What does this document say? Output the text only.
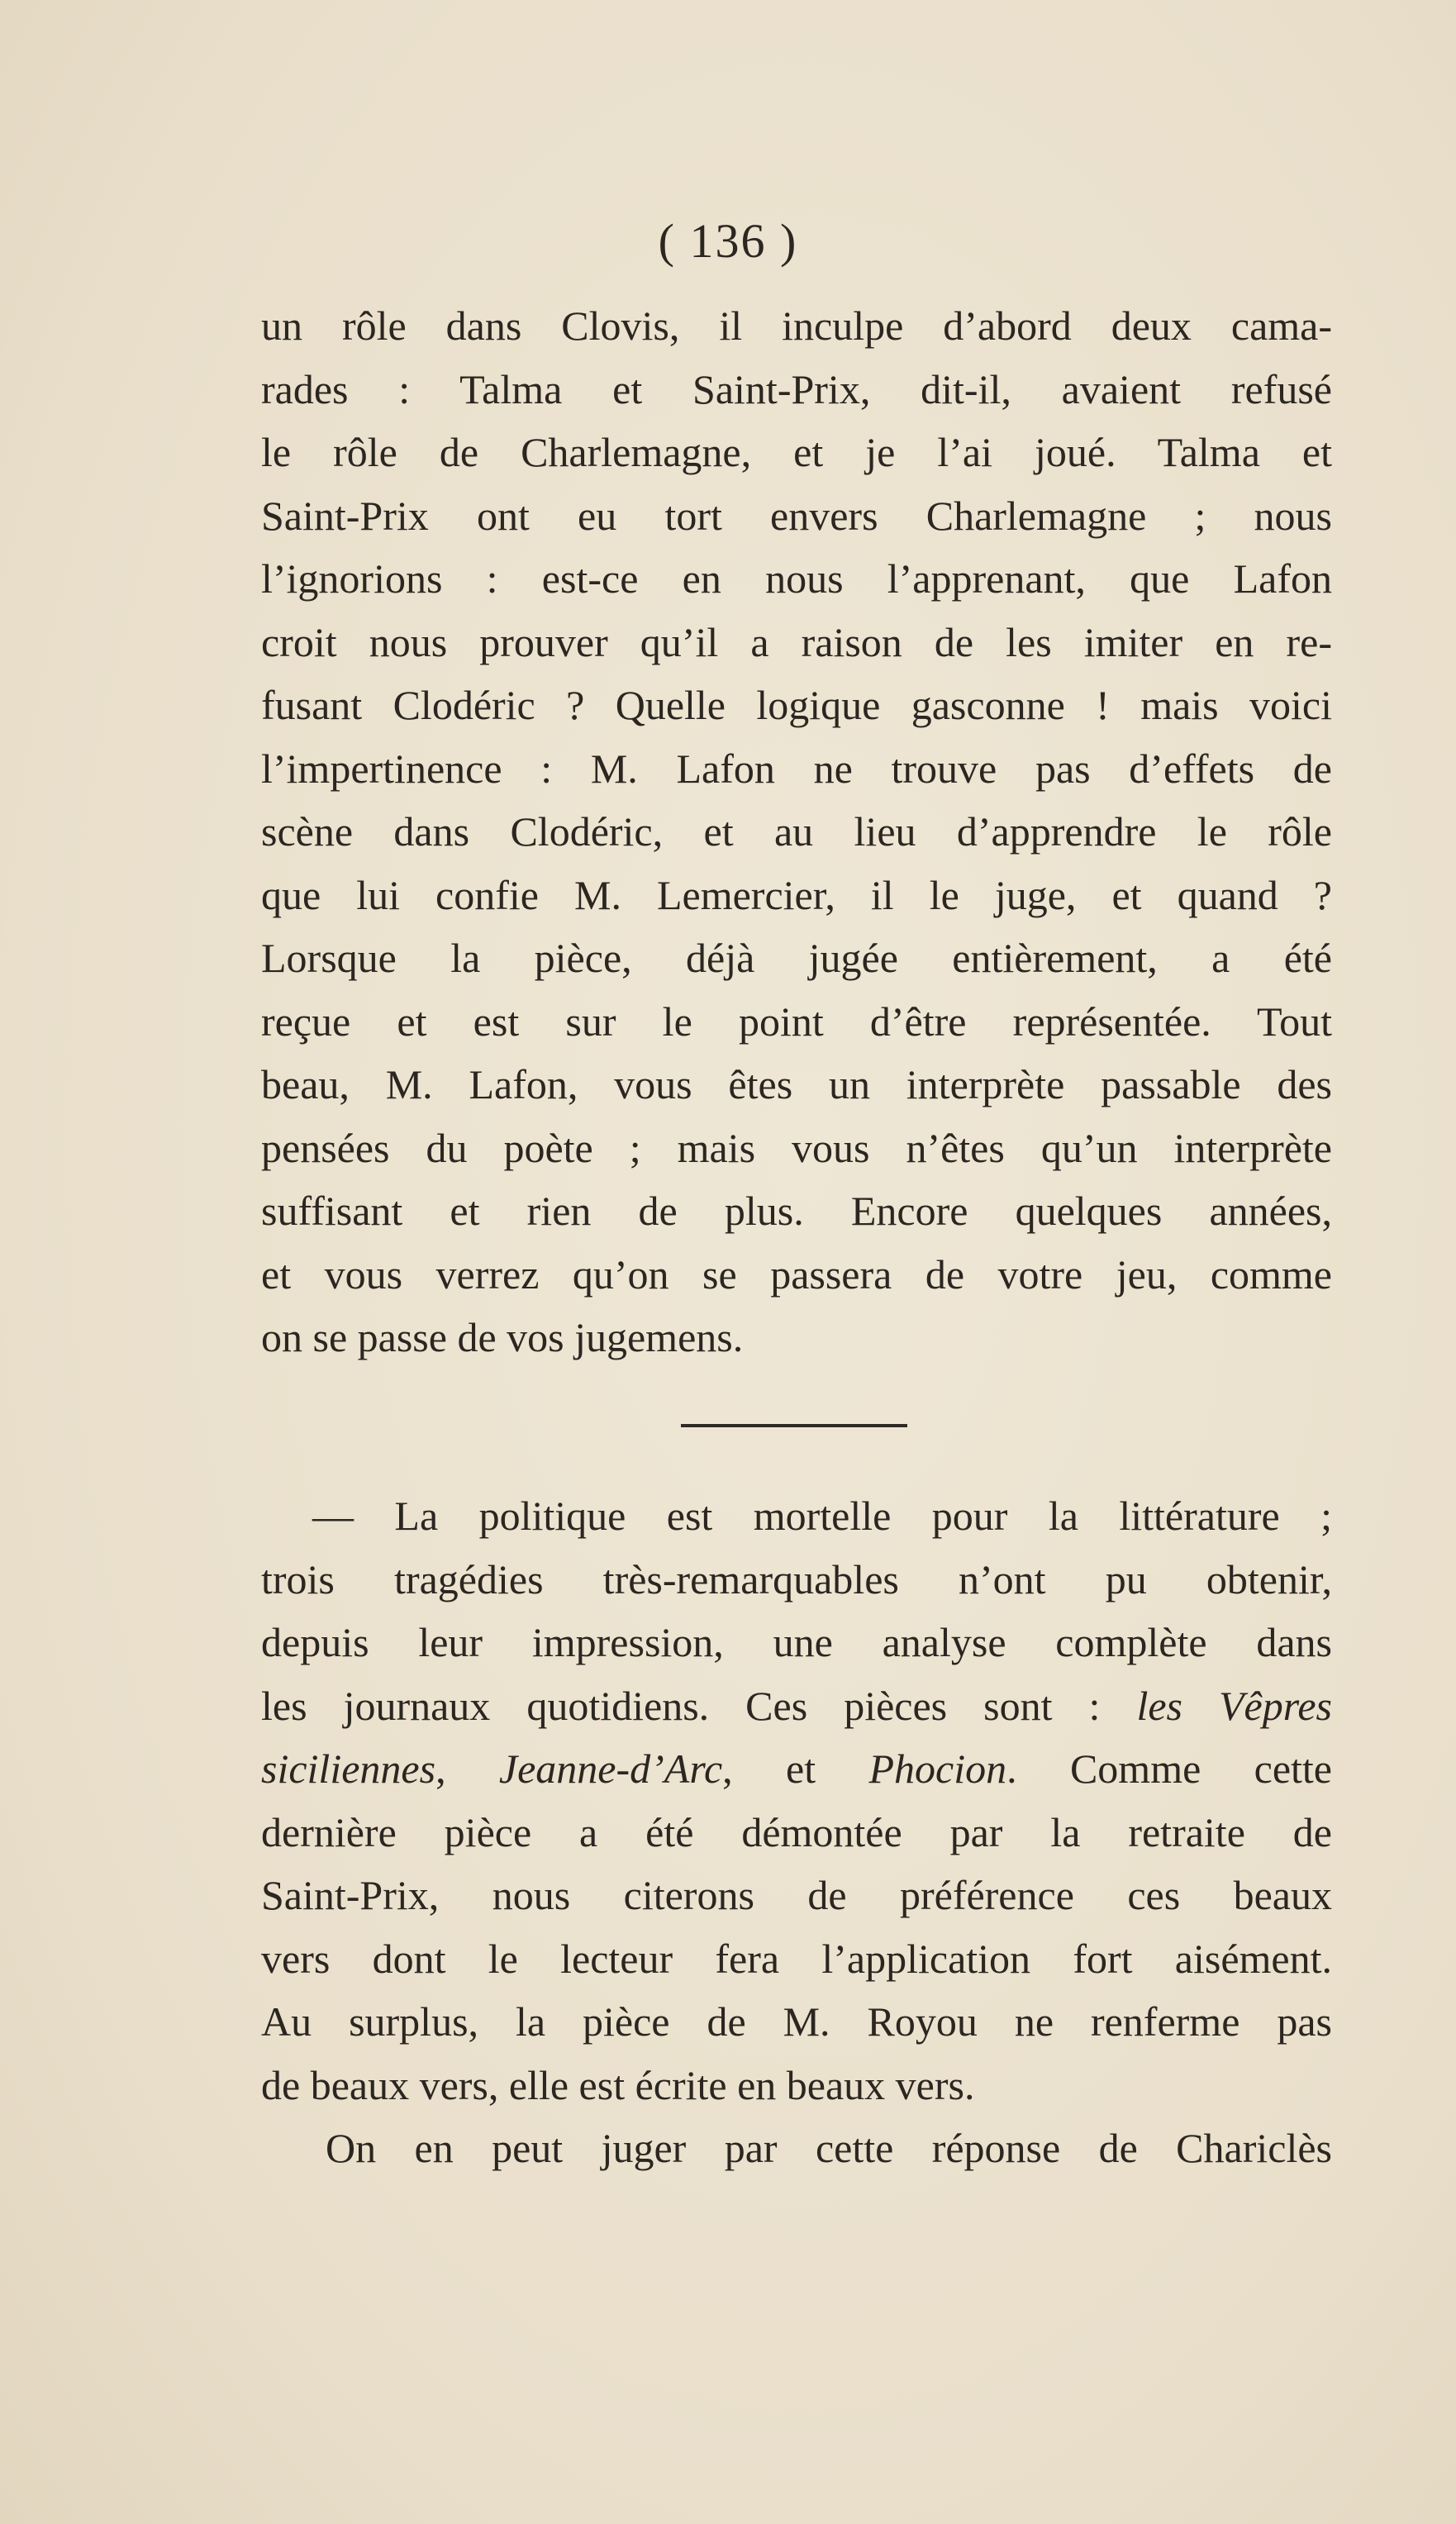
( 136 )
un rôle dans Clovis, il inculpe d’abord deux cama-
rades : Talma et Saint-Prix, dit-il, avaient refusé
le rôle de Charlemagne, et je l’ai joué. Talma et
Saint-Prix ont eu tort envers Charlemagne ; nous
l’ignorions : est-ce en nous l’apprenant, que Lafon
croit nous prouver qu’il a raison de les imiter en re-
fusant Clodéric ? Quelle logique gasconne ! mais voici
l’impertinence : M. Lafon ne trouve pas d’effets de
scène dans Clodéric, et au lieu d’apprendre le rôle
que lui confie M. Lemercier, il le juge, et quand ?
Lorsque la pièce, déjà jugée entièrement, a été
reçue et est sur le point d’être représentée. Tout
beau, M. Lafon, vous êtes un interprète passable des
pensées du poète ; mais vous n’êtes qu’un interprète
suffisant et rien de plus. Encore quelques années,
et vous verrez qu’on se passera de votre jeu, comme
on se passe de vos jugemens.
— La politique est mortelle pour la littérature ;
trois tragédies très-remarquables n’ont pu obtenir,
depuis leur impression, une analyse complète dans
les journaux quotidiens. Ces pièces sont : les Vêpres
siciliennes, Jeanne-d’Arc, et Phocion. Comme cette
dernière pièce a été démontée par la retraite de
Saint-Prix, nous citerons de préférence ces beaux
vers dont le lecteur fera l’application fort aisément.
Au surplus, la pièce de M. Royou ne renferme pas
de beaux vers, elle est écrite en beaux vers.
On en peut juger par cette réponse de Chariclès
